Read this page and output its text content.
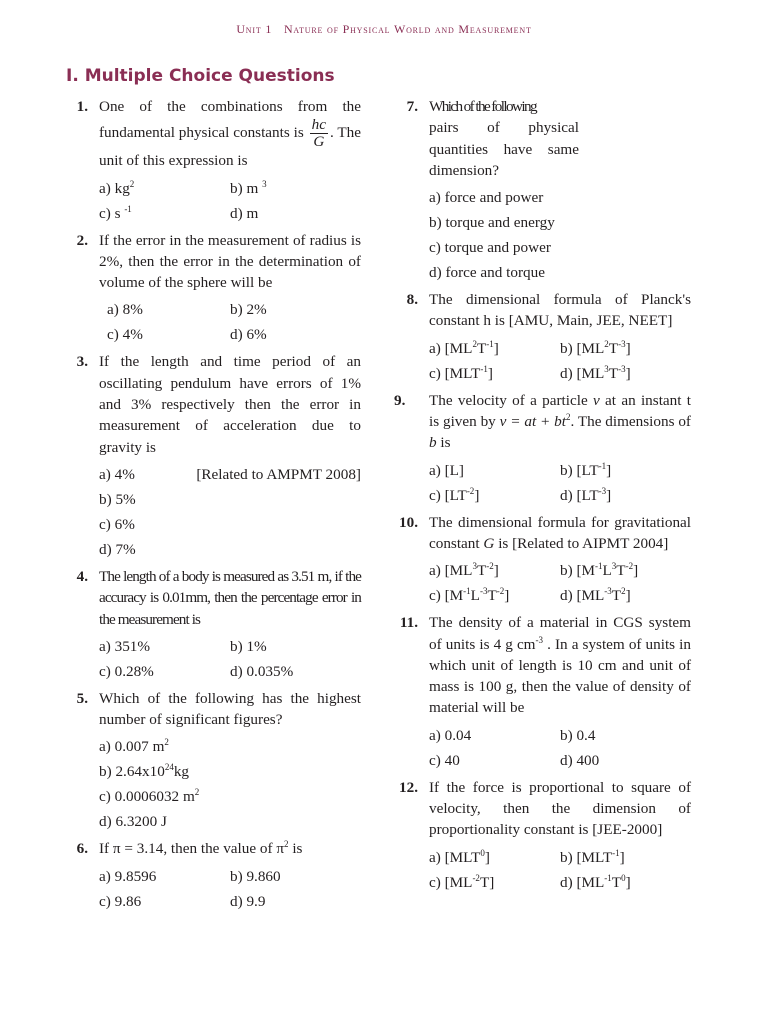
Unit 1 Nature of Physical World and Measurement
I. Multiple Choice Questions
1. One of the combinations from the fundamental physical constants is $\frac{hc}{G}$ . The unit of this expression is
a) $kg^2$	b) m $^3$
c) s $^{-1}$	d) m
2. If the error in the measurement of radius is 2%, then the error in the determination of volume of the sphere will be
a) 8%	b) 2%
c) 4%	d) 6%
3. If the length and time period of an oscillating pendulum have errors of 1% and 3% respectively then the error in measurement of acceleration due to gravity is
a) 4%	[Related to AMPMT 2008]
b) 5%
c) 6%
d) 7%
4. The length of a body is measured as 3.51 m, if the accuracy is 0.01mm, then the percentage error in the measurement is
a) 351%	b) 1%
c) 0.28%	d) 0.035%
5. Which of the following has the highest number of significant figures?
a) 0.007 $m^2$
b) $2.64x10^{24}kg$
c) 0.0006032 $m^2$
d) 6.3200 J
6. If π = 3.14, then the value of $\pi^2$ is
a) 9.8596	b) 9.860
c) 9.86	d) 9.9
7. Which of the following
pairs of physical quantities have same dimension?
a) force and power
b) torque and energy
c) torque and power
d) force and torque
8. The dimensional formula of Planck's constant h is [AMU, Main, JEE, NEET]
a) $[ML^2T^{-1}]$	b) $[ML^2T^{-3}]$
c) $[MLT^{-1}]$	d) $[ML^3T^{-3}]$
9. The velocity of a particle v at an instant t is given by v = at + $bt^2$. The dimensions of b is
a) [L]	b) $[LT^{-1}]$
c) $[LT^{-2}]$	d) $[LT^{-3}]$
10. The dimensional formula for gravitational constant G is [Related to AIPMT 2004]
a) $[ML^3T^{-2}]$	b) $[M^{-1}L^3T^{-2}]$
c) $[M^{-1}L^{-3}T^{-2}]$	d) $[ML^{-3}T^2]$
11. The density of a material in CGS system of units is 4 g $cm^{-3}$ . In a system of units in which unit of length is 10 cm and unit of mass is 100 g, then the value of density of material will be
a) 0.04	b) 0.4
c) 40	d) 400
12. If the force is proportional to square of velocity, then the dimension of proportionality constant is [JEE-2000]
a) [MLT$^0$]	b) $[MLT^{-1}]$
c) $[ML^{-2}T]$	d) $[ML^{-1}T^0]$
